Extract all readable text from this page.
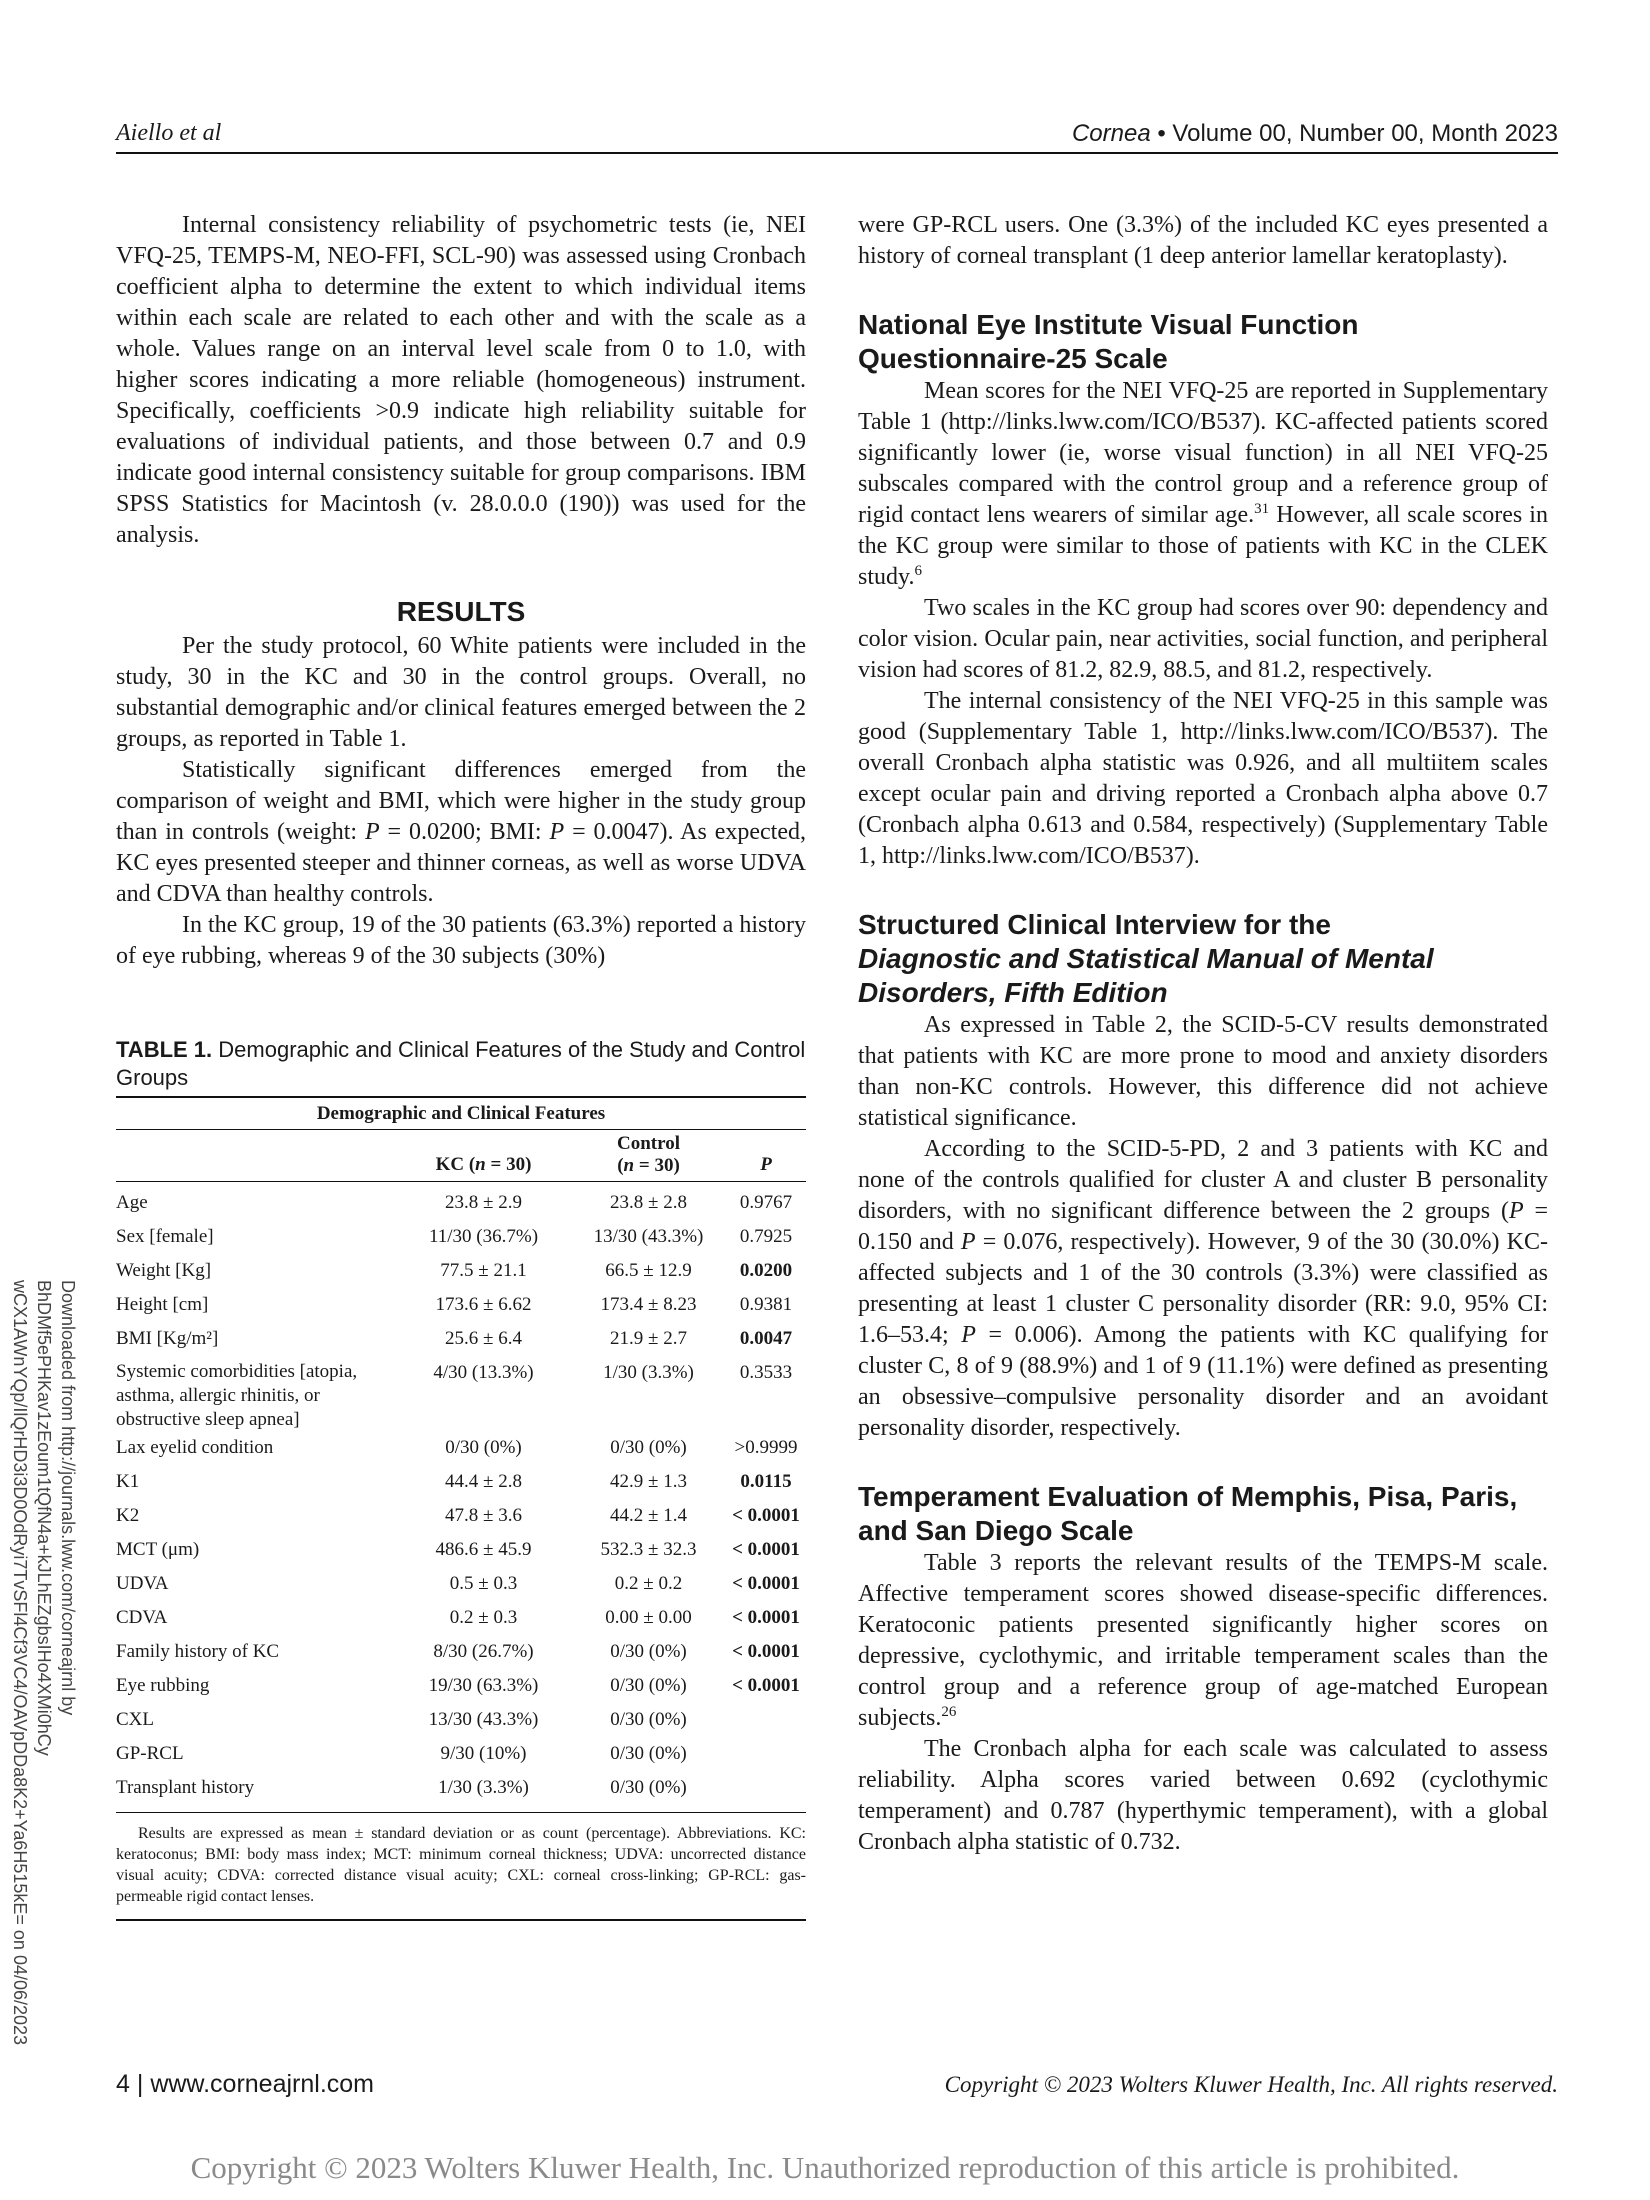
Aiello et al	Cornea • Volume 00, Number 00, Month 2023
Downloaded from http://journals.lww.com/corneajrnl by BhDMf5ePHKav1zEoum1tQfN4a+kJLhEZgbsIHo4XMi0hCy
wCX1AWnYQp/IlQrHD3i3D0OdRyi7TvSFl4Cf3VC4/OAVpDDa8K2+Ya6H515kE= on 04/06/2023

Internal consistency reliability of psychometric tests (ie, NEI VFQ-25, TEMPS-M, NEO-FFI, SCL-90) was assessed using Cronbach coefficient alpha to determine the extent to which individual items within each scale are related to each other and with the scale as a whole. Values range on an interval level scale from 0 to 1.0, with higher scores indicating a more reliable (homogeneous) instrument. Specifically, coefficients >0.9 indicate high reliability suitable for evaluations of individual patients, and those between 0.7 and 0.9 indicate good internal consistency suitable for group comparisons. IBM SPSS Statistics for Macintosh (v. 28.0.0.0 (190)) was used for the analysis.

RESULTS

Per the study protocol, 60 White patients were included in the study, 30 in the KC and 30 in the control groups. Overall, no substantial demographic and/or clinical features emerged between the 2 groups, as reported in Table 1.

Statistically significant differences emerged from the comparison of weight and BMI, which were higher in the study group than in controls (weight: P = 0.0200; BMI: P = 0.0047). As expected, KC eyes presented steeper and thinner corneas, as well as worse UDVA and CDVA than healthy controls.

In the KC group, 19 of the 30 patients (63.3%) reported a history of eye rubbing, whereas 9 of the 30 subjects (30%)

TABLE 1. Demographic and Clinical Features of the Study and Control Groups

Demographic and Clinical Features			
	KC (n = 30)	Control
(n = 30)	P
Age	23.8 ± 2.9	23.8 ± 2.8	0.9767
Sex [female]	11/30 (36.7%)	13/30 (43.3%)	0.7925
Weight [Kg]	77.5 ± 21.1	66.5 ± 12.9	0.0200
Height [cm]	173.6 ± 6.62	173.4 ± 8.23	0.9381
BMI [Kg/m²]	25.6 ± 6.4	21.9 ± 2.7	0.0047
Systemic comorbidities [atopia, asthma, allergic rhinitis, or obstructive sleep apnea]	4/30 (13.3%)	1/30 (3.3%)	0.3533
Lax eyelid condition	0/30 (0%)	0/30 (0%)	>0.9999
K1	44.4 ± 2.8	42.9 ± 1.3	0.0115
K2	47.8 ± 3.6	44.2 ± 1.4	< 0.0001
MCT (μm)	486.6 ± 45.9	532.3 ± 32.3	< 0.0001
UDVA	0.5 ± 0.3	0.2 ± 0.2	< 0.0001
CDVA	0.2 ± 0.3	0.00 ± 0.00	< 0.0001
Family history of KC	8/30 (26.7%)	0/30 (0%)	< 0.0001
Eye rubbing	19/30 (63.3%)	0/30 (0%)	< 0.0001
CXL	13/30 (43.3%)	0/30 (0%)	
GP-RCL	9/30 (10%)	0/30 (0%)	
Transplant history	1/30 (3.3%)	0/30 (0%)	

Results are expressed as mean ± standard deviation or as count (percentage). Abbreviations. KC: keratoconus; BMI: body mass index; MCT: minimum corneal thickness; UDVA: uncorrected distance visual acuity; CDVA: corrected distance visual acuity; CXL: corneal cross-linking; GP-RCL: gas-permeable rigid contact lenses.

were GP-RCL users. One (3.3%) of the included KC eyes presented a history of corneal transplant (1 deep anterior lamellar keratoplasty).

National Eye Institute Visual Function Questionnaire-25 Scale

Mean scores for the NEI VFQ-25 are reported in Supplementary Table 1 (http://links.lww.com/ICO/B537). KC-affected patients scored significantly lower (ie, worse visual function) in all NEI VFQ-25 subscales compared with the control group and a reference group of rigid contact lens wearers of similar age.$^{31}$ However, all scale scores in the KC group were similar to those of patients with KC in the CLEK study.$^6$

Two scales in the KC group had scores over 90: dependency and color vision. Ocular pain, near activities, social function, and peripheral vision had scores of 81.2, 82.9, 88.5, and 81.2, respectively.

The internal consistency of the NEI VFQ-25 in this sample was good (Supplementary Table 1, http://links.lww.com/ICO/B537). The overall Cronbach alpha statistic was 0.926, and all multiitem scales except ocular pain and driving reported a Cronbach alpha above 0.7 (Cronbach alpha 0.613 and 0.584, respectively) (Supplementary Table 1, http://links.lww.com/ICO/B537).

Structured Clinical Interview for the
Diagnostic and Statistical Manual of Mental Disorders, Fifth Edition

As expressed in Table 2, the SCID-5-CV results demonstrated that patients with KC are more prone to mood and anxiety disorders than non-KC controls. However, this difference did not achieve statistical significance.

According to the SCID-5-PD, 2 and 3 patients with KC and none of the controls qualified for cluster A and cluster B personality disorders, with no significant difference between the 2 groups (P = 0.150 and P = 0.076, respectively). However, 9 of the 30 (30.0%) KC-affected subjects and 1 of the 30 controls (3.3%) were classified as presenting at least 1 cluster C personality disorder (RR: 9.0, 95% CI: 1.6–53.4; P = 0.006). Among the patients with KC qualifying for cluster C, 8 of 9 (88.9%) and 1 of 9 (11.1%) were defined as presenting an obsessive–compulsive personality disorder and an avoidant personality disorder, respectively.

Temperament Evaluation of Memphis, Pisa, Paris, and San Diego Scale

Table 3 reports the relevant results of the TEMPS-M scale. Affective temperament scores showed disease-specific differences. Keratoconic patients presented significantly higher scores on depressive, cyclothymic, and irritable temperament scales than the control group and a reference group of age-matched European subjects.$^{26}$

The Cronbach alpha for each scale was calculated to assess reliability. Alpha scores varied between 0.692 (cyclothymic temperament) and 0.787 (hyperthymic temperament), with a global Cronbach alpha statistic of 0.732.

4 | www.corneajrnl.com	Copyright © 2023 Wolters Kluwer Health, Inc. All rights reserved.
Copyright © 2023 Wolters Kluwer Health, Inc. Unauthorized reproduction of this article is prohibited.
